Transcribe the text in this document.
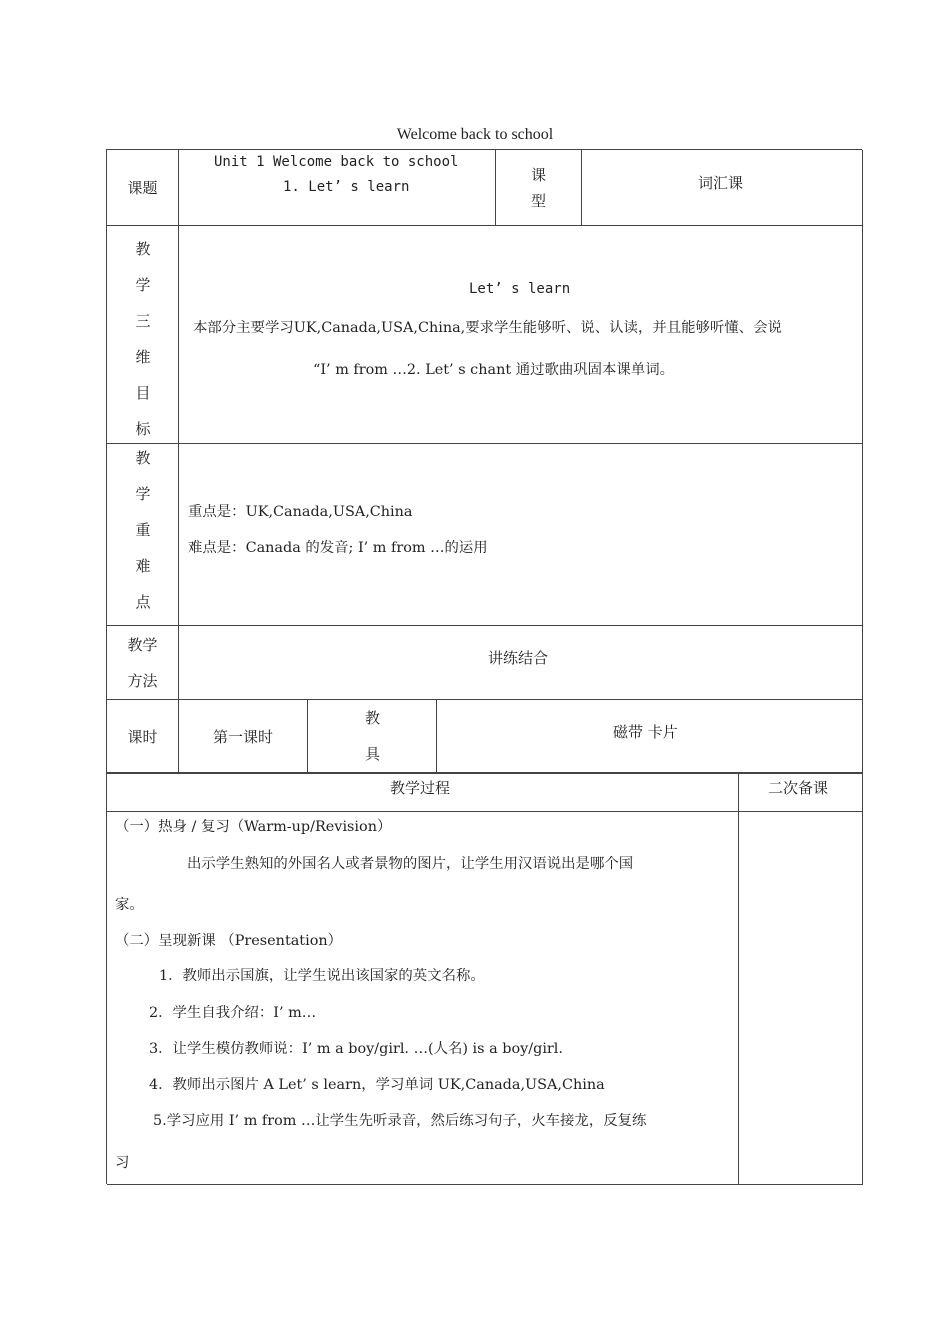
Welcome back to school
课题
Unit 1 Welcome back to school
1. Let’ s learn
课
型
词汇课
教
学
三
维
目
标
Let’ s learn
本部分主要学习UK,Canada,USA,China,要求学生能够听、说、认读，并且能够听懂、会说
“I’ m from …2. Let’ s chant 通过歌曲巩固本课单词。
教
学
重
难
点
重点是：UK,Canada,USA,China
难点是：Canada 的发音; I’ m from …的运用
教学
方法
讲练结合
课时	第一课时
教
具
磁带 卡片
教学过程	二次备课
（一）热身 / 复习（Warm-up/Revision）
出示学生熟知的外国名人或者景物的图片，让学生用汉语说出是哪个国
家。
（二）呈现新课 （Presentation）
1．教师出示国旗，让学生说出该国家的英文名称。
2．学生自我介绍：I’ m…
3．让学生模仿教师说：I’ m a boy/girl. …(人名) is a boy/girl.
4．教师出示图片 A Let’ s learn，学习单词 UK,Canada,USA,China
5.学习应用 I’ m from …让学生先听录音，然后练习句子，火车接龙，反复练
习
